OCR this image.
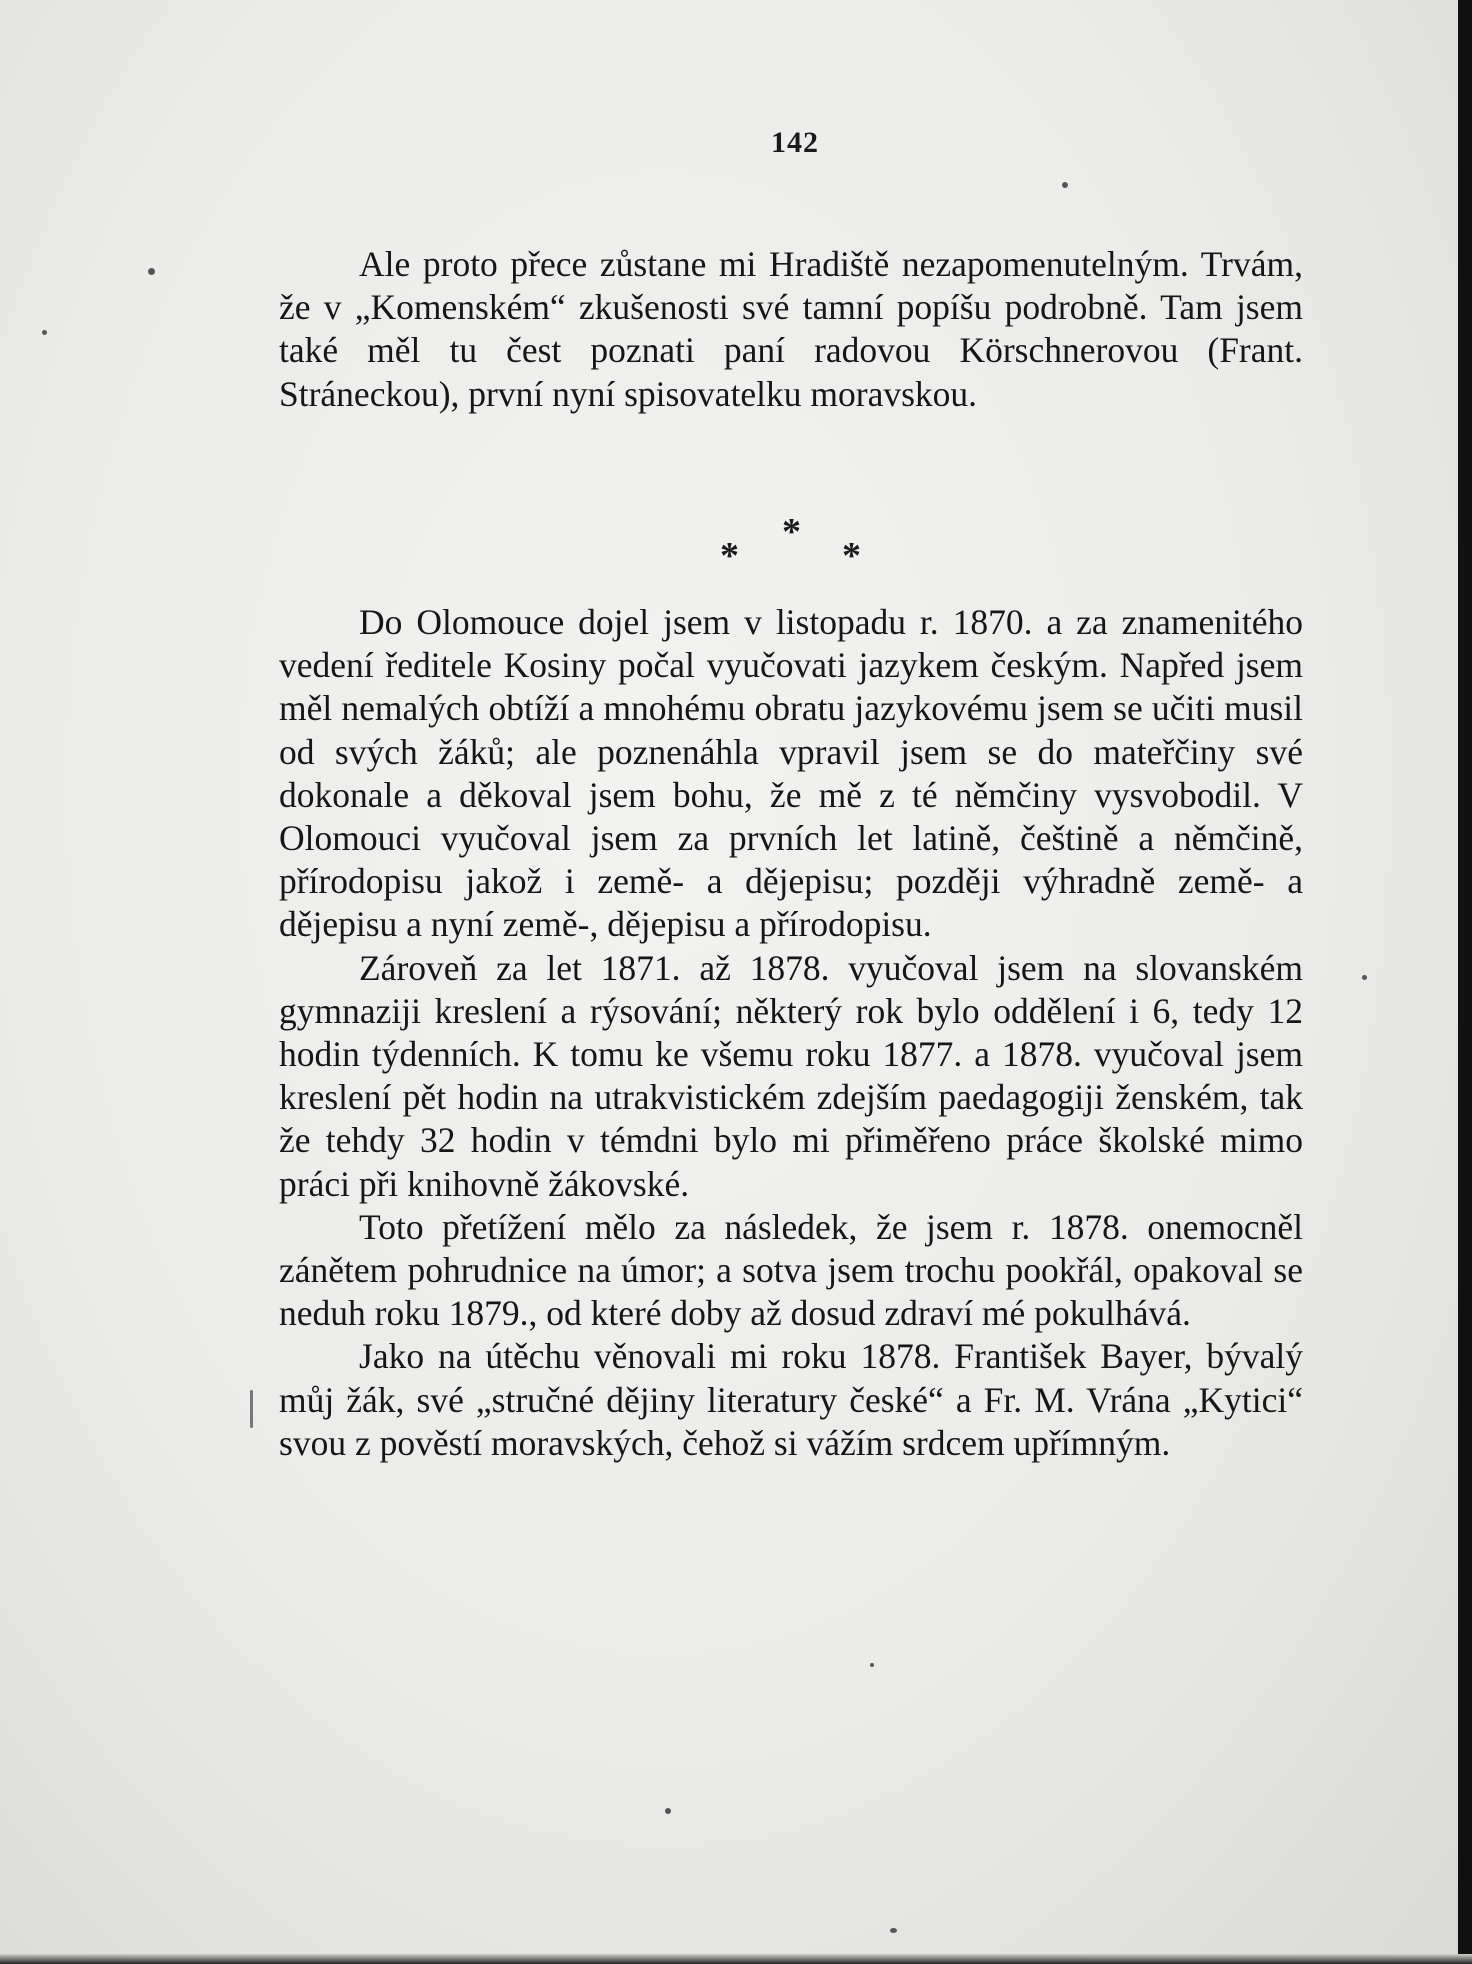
142

Ale proto přece zůstane mi Hradiště nezapomenutelným. Trvám, že v „Komenském“ zkušenosti své tamní popíšu podrobně. Tam jsem také měl tu čest poznati paní radovou Körschnerovou (Frant. Stráneckou), první nyní spisovatelku moravskou.

*
*	*

Do Olomouce dojel jsem v listopadu r. 1870. a za znamenitého vedení ředitele Kosiny počal vyučovati jazykem českým. Napřed jsem měl nemalých obtíží a mnohému obratu jazykovému jsem se učiti musil od svých žáků; ale poznenáhla vpravil jsem se do mateřčiny své dokonale a děkoval jsem bohu, že mě z té němčiny vysvobodil. V Olomouci vyučoval jsem za prvních let latině, češtině a němčině, přírodopisu jakož i země- a dějepisu; později výhradně země- a dějepisu a nyní země-, dějepisu a přírodopisu.

Zároveň za let 1871. až 1878. vyučoval jsem na slovanském gymnaziji kreslení a rýsování; některý rok bylo oddělení i 6, tedy 12 hodin týdenních. K tomu ke všemu roku 1877. a 1878. vyučoval jsem kreslení pět hodin na utrakvistickém zdejším paedagogiji ženském, tak že tehdy 32 hodin v témdni bylo mi přiměřeno práce školské mimo práci při knihovně žákovské.

Toto přetížení mělo za následek, že jsem r. 1878. onemocněl zánětem pohrudnice na úmor; a sotva jsem trochu pookřál, opakoval se neduh roku 1879., od které doby až dosud zdraví mé pokulhává.

Jako na útěchu věnovali mi roku 1878. František Bayer, bývalý můj žák, své „stručné dějiny literatury české“ a Fr. M. Vrána „Kytici“ svou z pověstí moravských, čehož si vážím srdcem upřímným.
